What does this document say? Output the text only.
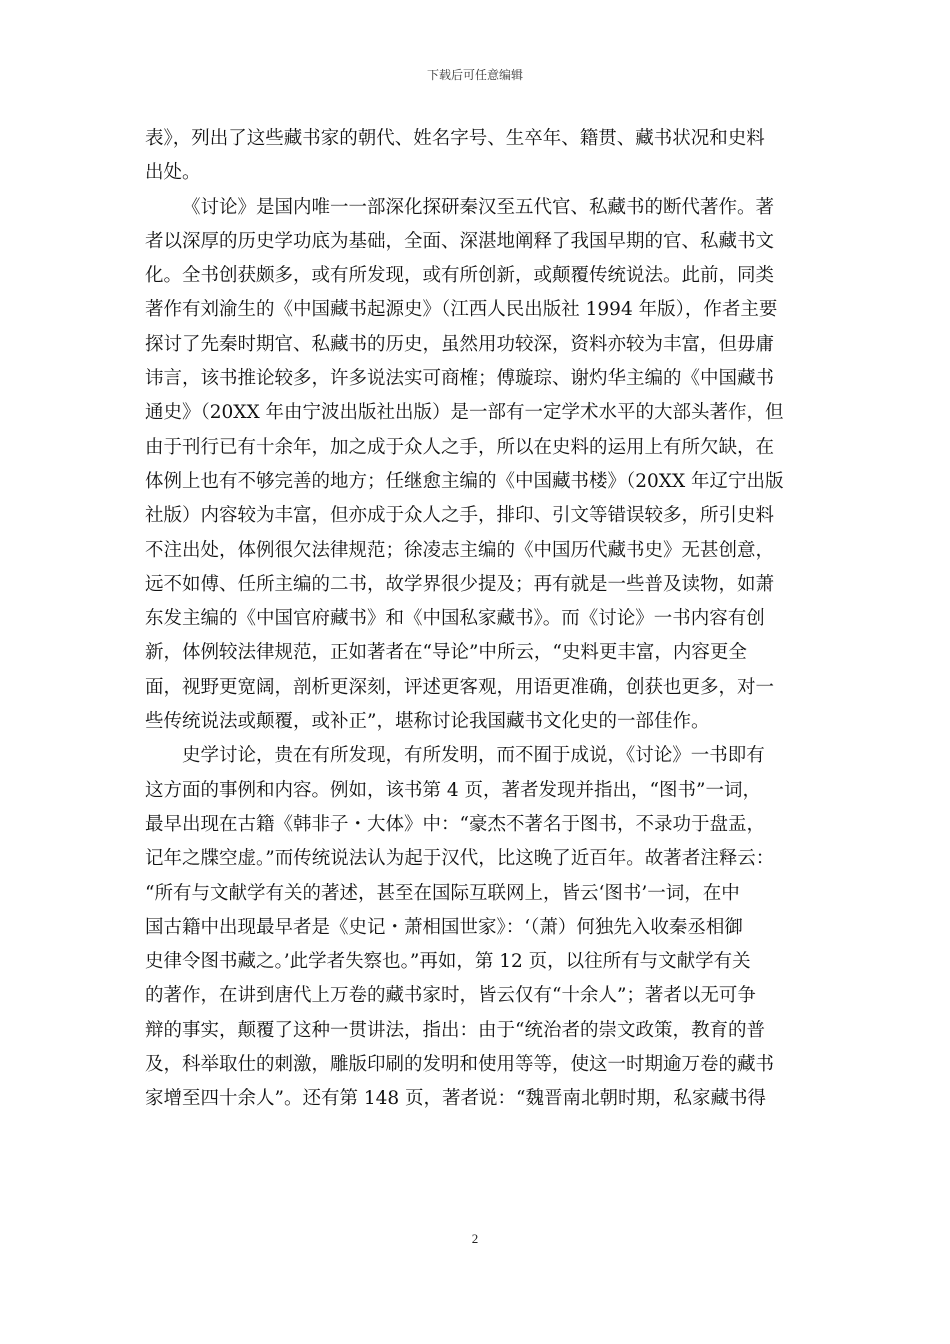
下载后可任意编辑
表》，列出了这些藏书家的朝代、姓名字号、生卒年、籍贯、藏书状况和史料
出处。
《讨论》是国内唯一一部深化探研秦汉至五代官、私藏书的断代著作。著
者以深厚的历史学功底为基础，全面、深湛地阐释了我国早期的官、私藏书文
化。全书创获颇多，或有所发现，或有所创新，或颠覆传统说法。此前，同类
著作有刘渝生的《中国藏书起源史》（江西人民出版社 1994 年版），作者主要
探讨了先秦时期官、私藏书的历史，虽然用功较深，资料亦较为丰富，但毋庸
讳言，该书推论较多，许多说法实可商榷；傅璇琮、谢灼华主编的《中国藏书
通史》（20XX 年由宁波出版社出版）是一部有一定学术水平的大部头著作，但
由于刊行已有十余年，加之成于众人之手，所以在史料的运用上有所欠缺，在
体例上也有不够完善的地方；任继愈主编的《中国藏书楼》（20XX 年辽宁出版
社版）内容较为丰富，但亦成于众人之手，排印、引文等错误较多，所引史料
不注出处，体例很欠法律规范；徐凌志主编的《中国历代藏书史》无甚创意，
远不如傅、任所主编的二书，故学界很少提及；再有就是一些普及读物，如萧
东发主编的《中国官府藏书》和《中国私家藏书》。而《讨论》一书内容有创
新，体例较法律规范，正如著者在“导论”中所云，“史料更丰富，内容更全
面，视野更宽阔，剖析更深刻，评述更客观，用语更准确，创获也更多，对一
些传统说法或颠覆，或补正”，堪称讨论我国藏书文化史的一部佳作。
史学讨论，贵在有所发现，有所发明，而不囿于成说，《讨论》一书即有
这方面的事例和内容。例如，该书第 4 页，著者发现并指出，“图书”一词，
最早出现在古籍《韩非子・大体》中：“豪杰不著名于图书，不录功于盘盂，
记年之牒空虚。”而传统说法认为起于汉代，比这晚了近百年。故著者注释云：
“所有与文献学有关的著述，甚至在国际互联网上，皆云‘图书’一词，在中
国古籍中出现最早者是《史记・萧相国世家》：‘（萧）何独先入收秦丞相御
史律令图书藏之。’此学者失察也。”再如，第 12 页，以往所有与文献学有关
的著作，在讲到唐代上万卷的藏书家时，皆云仅有“十余人”；著者以无可争
辩的事实，颠覆了这种一贯讲法，指出：由于“统治者的崇文政策，教育的普
及，科举取仕的刺激，雕版印刷的发明和使用等等，使这一时期逾万卷的藏书
家增至四十余人”。还有第 148 页，著者说：“魏晋南北朝时期，私家藏书得
2
